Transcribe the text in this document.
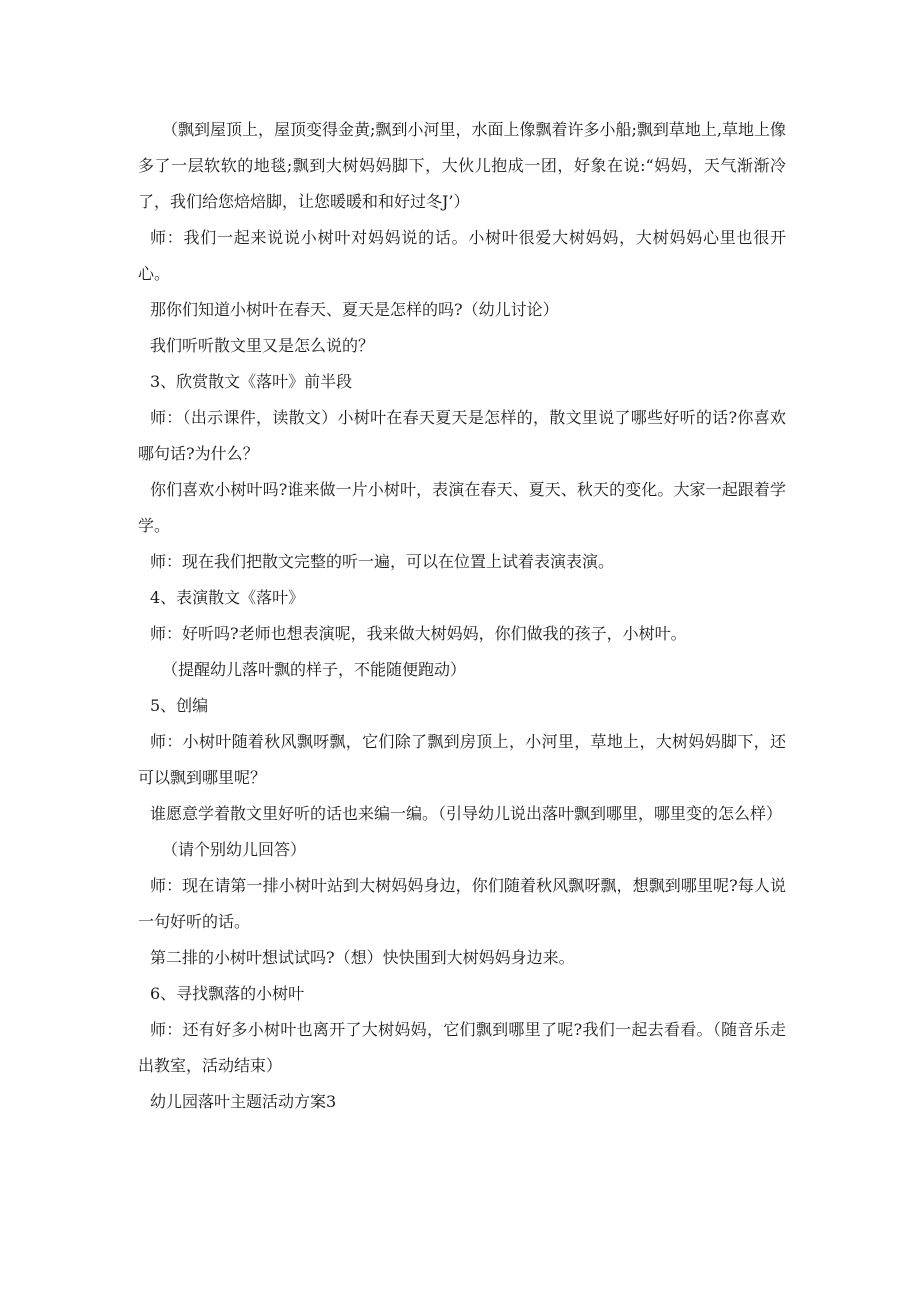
（飘到屋顶上，屋顶变得金黄;飘到小河里，水面上像飘着许多小船;飘到草地上,草地上像多了一层软软的地毯;飘到大树妈妈脚下，大伙儿抱成一团，好象在说:“妈妈，天气渐渐冷了，我们给您焙焙脚，让您暖暖和和好过冬J’）

师：我们一起来说说小树叶对妈妈说的话。小树叶很爱大树妈妈，大树妈妈心里也很开心。

那你们知道小树叶在春天、夏天是怎样的吗?（幼儿讨论）

我们听听散文里又是怎么说的？

3、欣赏散文《落叶》前半段

师：（出示课件，读散文）小树叶在春天夏天是怎样的，散文里说了哪些好听的话?你喜欢哪句话?为什么？

你们喜欢小树叶吗?谁来做一片小树叶，表演在春天、夏天、秋天的变化。大家一起跟着学学。

师：现在我们把散文完整的听一遍，可以在位置上试着表演表演。

4、表演散文《落叶》

师：好听吗?老师也想表演呢，我来做大树妈妈，你们做我的孩子，小树叶。

（提醒幼儿落叶飘的样子，不能随便跑动）

5、创编

师：小树叶随着秋风飘呀飘，它们除了飘到房顶上，小河里，草地上，大树妈妈脚下，还可以飘到哪里呢？

谁愿意学着散文里好听的话也来编一编。（引导幼儿说出落叶飘到哪里，哪里变的怎么样）

（请个别幼儿回答）

师：现在请第一排小树叶站到大树妈妈身边，你们随着秋风飘呀飘，想飘到哪里呢?每人说一句好听的话。

第二排的小树叶想试试吗?（想）快快围到大树妈妈身边来。

6、寻找飘落的小树叶

师：还有好多小树叶也离开了大树妈妈，它们飘到哪里了呢?我们一起去看看。（随音乐走出教室，活动结束）

幼儿园落叶主题活动方案3
